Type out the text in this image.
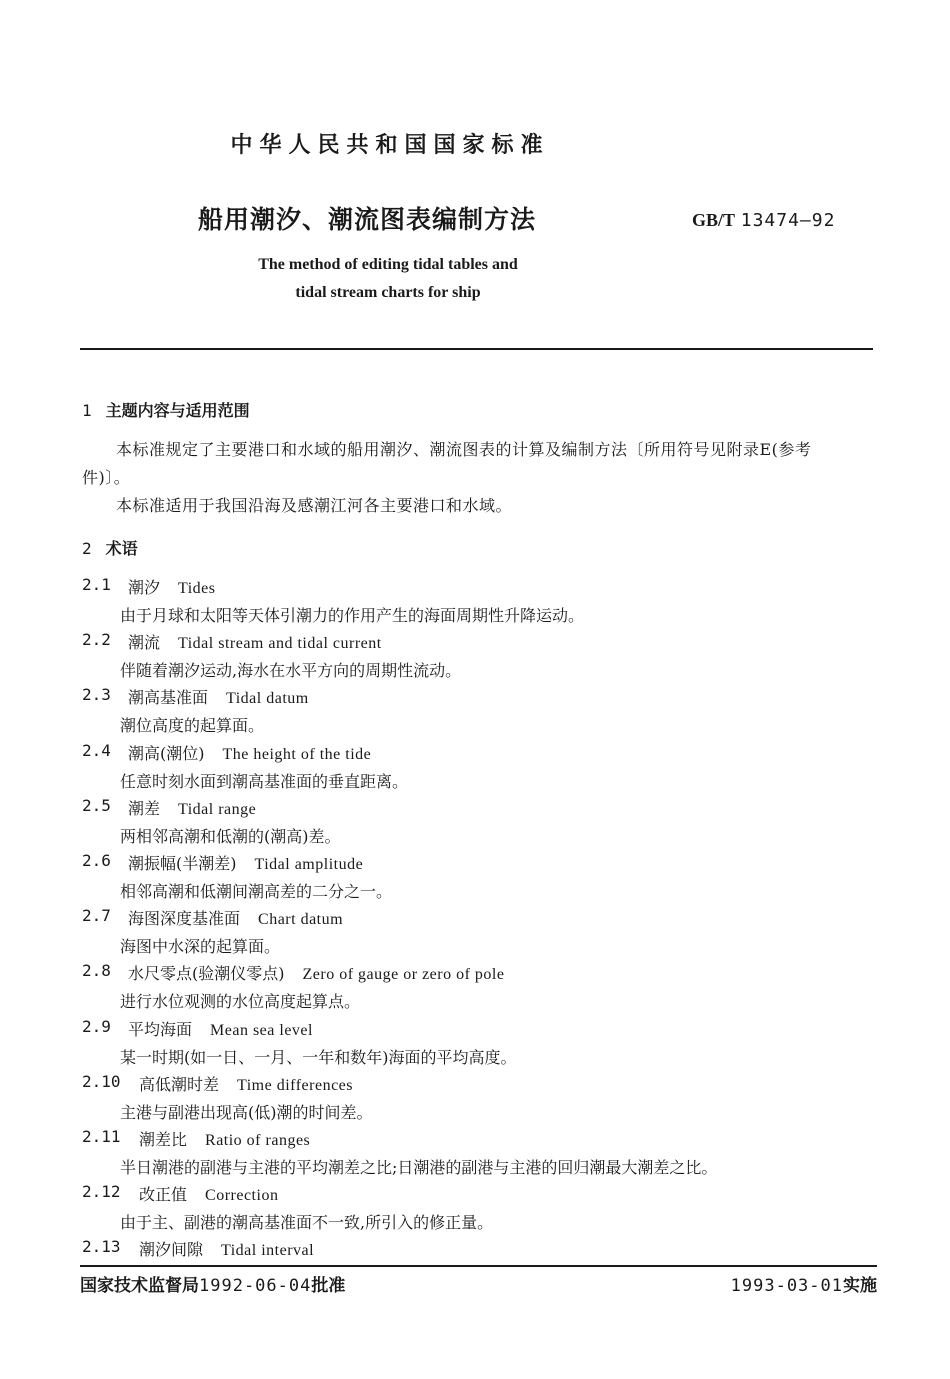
中华人民共和国国家标准
船用潮汐、潮流图表编制方法	GB/T 13474—92
The method of editing tidal tables and
tidal stream charts for ship
1 主题内容与适用范围
本标准规定了主要港口和水域的船用潮汐、潮流图表的计算及编制方法〔所用符号见附录E(参考
件)〕。
本标准适用于我国沿海及感潮江河各主要港口和水域。
2 术语
2.1 潮汐 Tides
由于月球和太阳等天体引潮力的作用产生的海面周期性升降运动。
2.2 潮流 Tidal stream and tidal current
伴随着潮汐运动,海水在水平方向的周期性流动。
2.3 潮高基准面 Tidal datum
潮位高度的起算面。
2.4 潮高(潮位) The height of the tide
任意时刻水面到潮高基准面的垂直距离。
2.5 潮差 Tidal range
两相邻高潮和低潮的(潮高)差。
2.6 潮振幅(半潮差) Tidal amplitude
相邻高潮和低潮间潮高差的二分之一。
2.7 海图深度基准面 Chart datum
海图中水深的起算面。
2.8 水尺零点(验潮仪零点) Zero of gauge or zero of pole
进行水位观测的水位高度起算点。
2.9 平均海面 Mean sea level
某一时期(如一日、一月、一年和数年)海面的平均高度。
2.10 高低潮时差 Time differences
主港与副港出现高(低)潮的时间差。
2.11 潮差比 Ratio of ranges
半日潮港的副港与主港的平均潮差之比;日潮港的副港与主港的回归潮最大潮差之比。
2.12 改正值 Correction
由于主、副港的潮高基准面不一致,所引入的修正量。
2.13 潮汐间隙 Tidal interval
国家技术监督局1992-06-04批准	1993-03-01实施
